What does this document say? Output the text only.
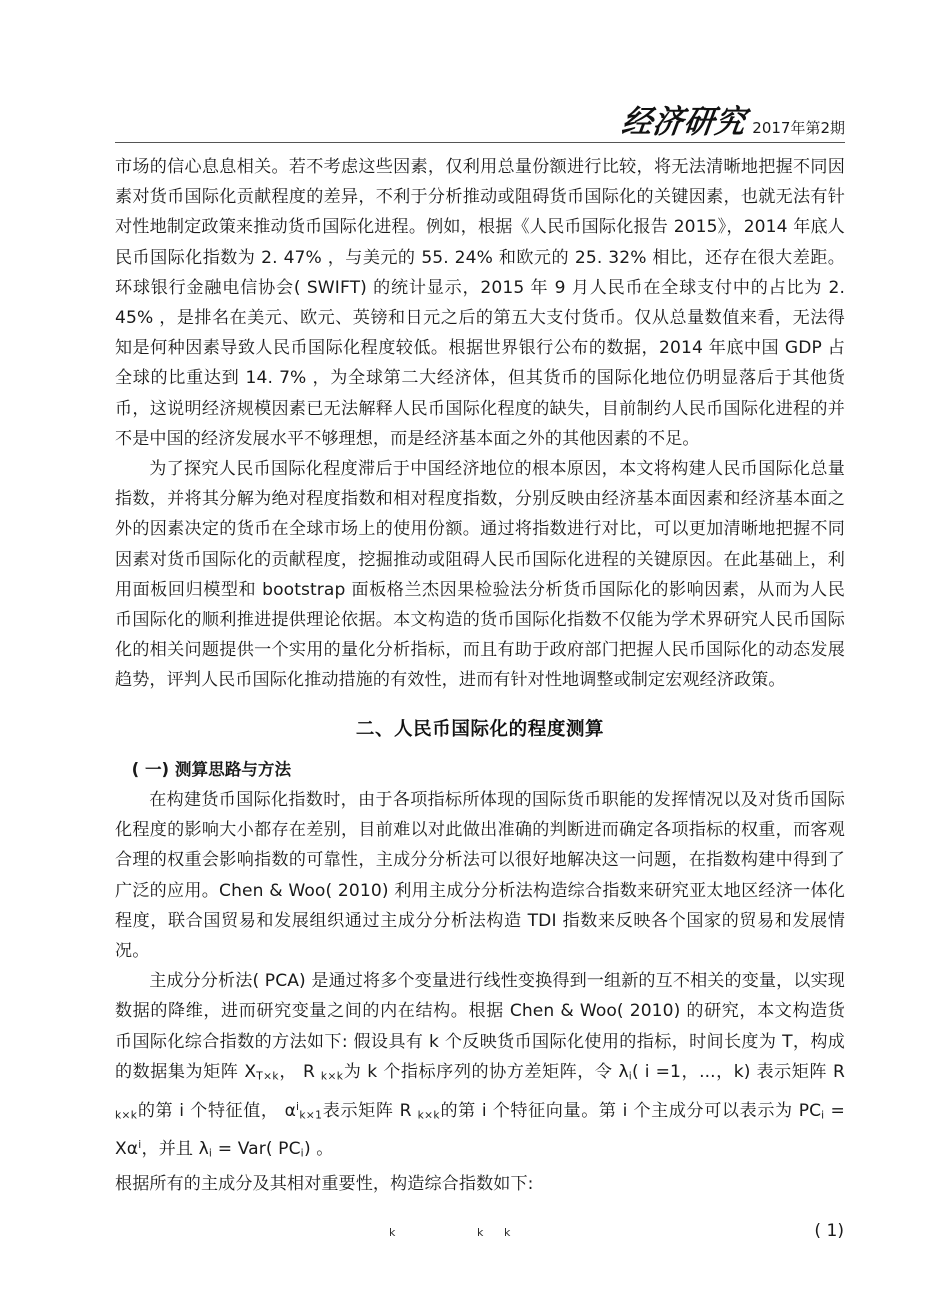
经济研究 2017年第2期

市场的信心息息相关。若不考虑这些因素，仅利用总量份额进行比较，将无法清晰地把握不同因素对货币国际化贡献程度的差异，不利于分析推动或阻碍货币国际化的关键因素，也就无法有针对性地制定政策来推动货币国际化进程。例如，根据《人民币国际化报告 2015》，2014 年底人民币国际化指数为 2. 47% ，与美元的 55. 24% 和欧元的 25. 32% 相比，还存在很大差距。环球银行金融电信协会( SWIFT) 的统计显示，2015 年 9 月人民币在全球支付中的占比为 2. 45% ，是排名在美元、欧元、英镑和日元之后的第五大支付货币。仅从总量数值来看，无法得知是何种因素导致人民币国际化程度较低。根据世界银行公布的数据，2014 年底中国 GDP 占全球的比重达到 14. 7% ，为全球第二大经济体，但其货币的国际化地位仍明显落后于其他货币，这说明经济规模因素已无法解释人民币国际化程度的缺失，目前制约人民币国际化进程的并不是中国的经济发展水平不够理想，而是经济基本面之外的其他因素的不足。

为了探究人民币国际化程度滞后于中国经济地位的根本原因，本文将构建人民币国际化总量指数，并将其分解为绝对程度指数和相对程度指数，分别反映由经济基本面因素和经济基本面之外的因素决定的货币在全球市场上的使用份额。通过将指数进行对比，可以更加清晰地把握不同因素对货币国际化的贡献程度，挖掘推动或阻碍人民币国际化进程的关键原因。在此基础上，利用面板回归模型和 bootstrap 面板格兰杰因果检验法分析货币国际化的影响因素，从而为人民币国际化的顺利推进提供理论依据。本文构造的货币国际化指数不仅能为学术界研究人民币国际化的相关问题提供一个实用的量化分析指标，而且有助于政府部门把握人民币国际化的动态发展趋势，评判人民币国际化推动措施的有效性，进而有针对性地调整或制定宏观经济政策。

二、人民币国际化的程度测算
( 一) 测算思路与方法

在构建货币国际化指数时，由于各项指标所体现的国际货币职能的发挥情况以及对货币国际化程度的影响大小都存在差别，目前难以对此做出准确的判断进而确定各项指标的权重，而客观合理的权重会影响指数的可靠性，主成分分析法可以很好地解决这一问题，在指数构建中得到了广泛的应用。Chen & Woo( 2010) 利用主成分分析法构造综合指数来研究亚太地区经济一体化程度，联合国贸易和发展组织通过主成分分析法构造 TDI 指数来反映各个国家的贸易和发展情况。

主成分分析法( PCA) 是通过将多个变量进行线性变换得到一组新的互不相关的变量，以实现数据的降维，进而研究变量之间的内在结构。根据 Chen & Woo( 2010) 的研究，本文构造货币国际化综合指数的方法如下: 假设具有 k 个反映货币国际化使用的指标，时间长度为 T，构成的数据集为矩阵 $X_{T\times k}$， R $_{k\times k}$为 k 个指标序列的协方差矩阵，令 $\lambda_i$( i =1，...，k) 表示矩阵 R $_{k\times k}$的第 i 个特征值， $\alpha^i_{k\times 1}$表示矩阵 R $_{k\times k}$的第 i 个特征向量。第 i 个主成分可以表示为 $PC_i = X\alpha^i$，并且 $\lambda_i = Var$( $PC_i$) 。

根据所有的主成分及其相对重要性，构造综合指数如下:

k	k k	( 1)
